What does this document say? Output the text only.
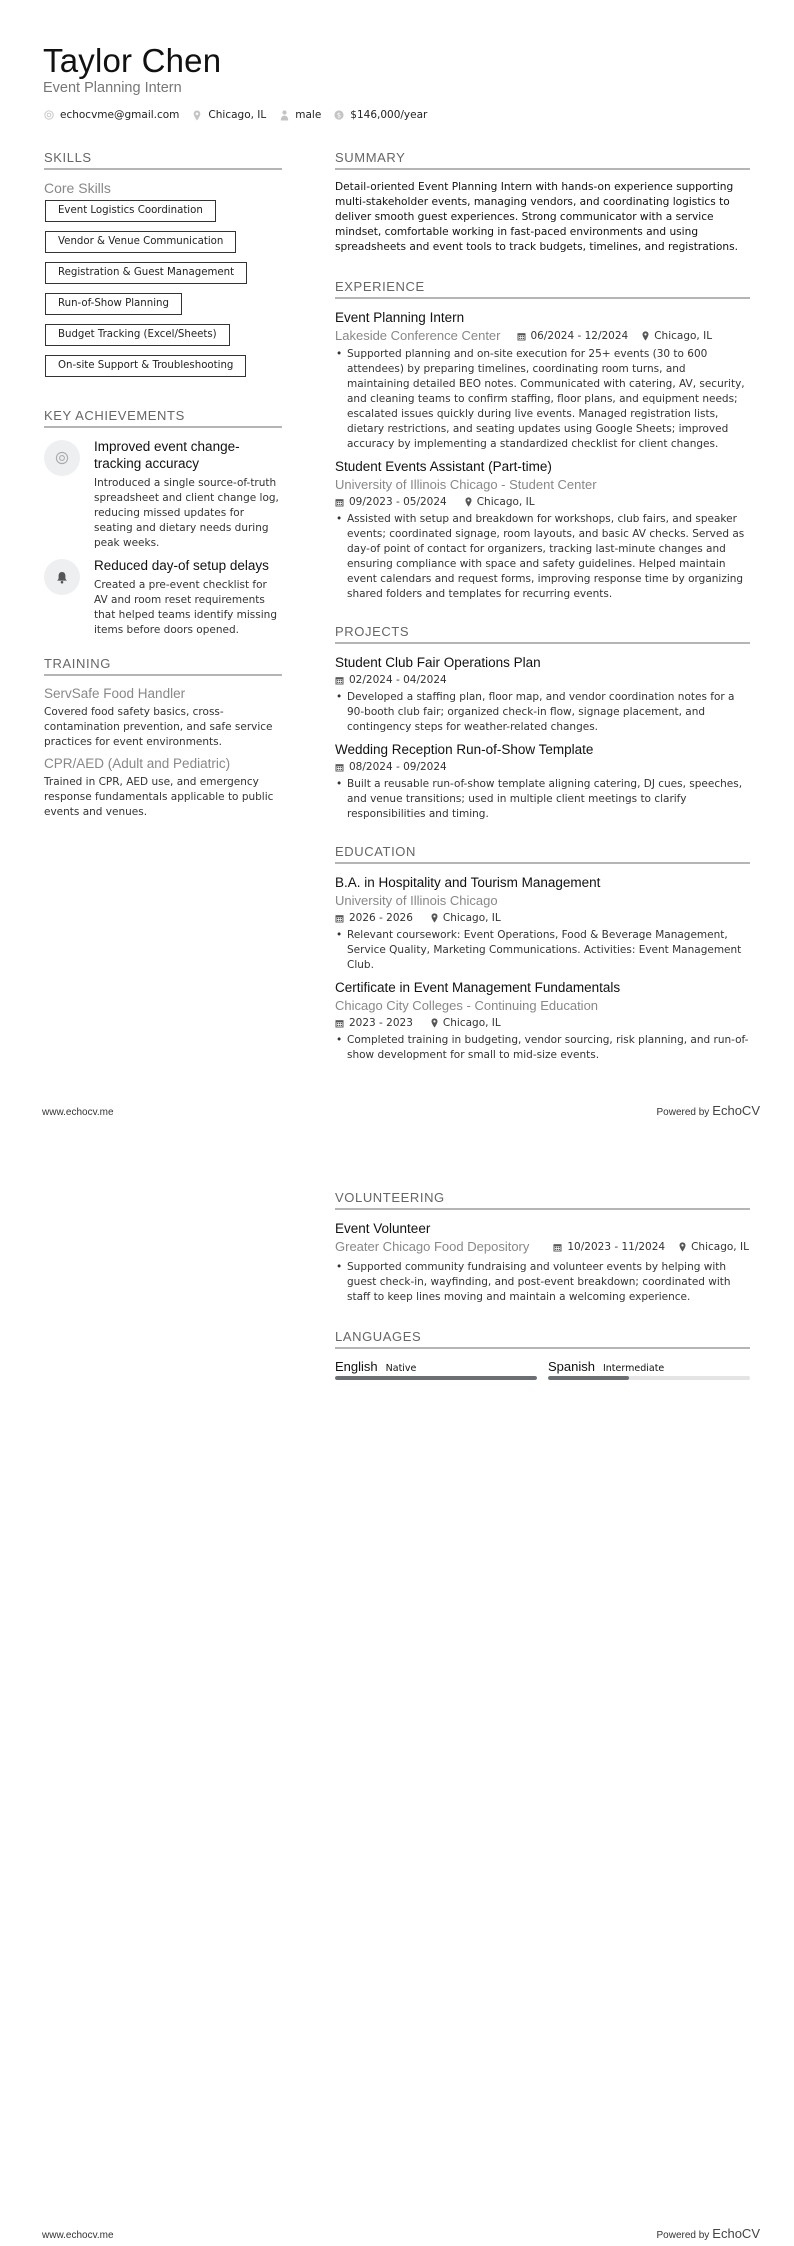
Taylor Chen
Event Planning Intern
echocvme@gmail.com	Chicago, IL	male $ $146,000/year
SKILLS
Core Skills
Event Logistics Coordination
Vendor & Venue Communication
Registration & Guest Management
Run-of-Show Planning
Budget Tracking (Excel/Sheets)
On-site Support & Troubleshooting
KEY ACHIEVEMENTS
Improved event change-tracking accuracy
Introduced a single source-of-truth spreadsheet and client change log, reducing missed updates for seating and dietary needs during peak weeks.
Reduced day-of setup delays
Created a pre-event checklist for AV and room reset requirements that helped teams identify missing items before doors opened.
TRAINING
ServSafe Food Handler
Covered food safety basics, cross-contamination prevention, and safe service practices for event environments.
CPR/AED (Adult and Pediatric)
Trained in CPR, AED use, and emergency response fundamentals applicable to public events and venues.
SUMMARY
Detail-oriented Event Planning Intern with hands-on experience supporting multi-stakeholder events, managing vendors, and coordinating logistics to deliver smooth guest experiences. Strong communicator with a service mindset, comfortable working in fast-paced environments and using spreadsheets and event tools to track budgets, timelines, and registrations.
EXPERIENCE
Event Planning Intern
Lakeside Conference Center	06/2024 - 12/2024 Chicago, IL
• Supported planning and on-site execution for 25+ events (30 to 600 attendees) by preparing timelines, coordinating room turns, and maintaining detailed BEO notes. Communicated with catering, AV, security, and cleaning teams to confirm staffing, floor plans, and equipment needs; escalated issues quickly during live events. Managed registration lists, dietary restrictions, and seating updates using Google Sheets; improved accuracy by implementing a standardized checklist for client changes.
Student Events Assistant (Part-time)
University of Illinois Chicago - Student Center
09/2023 - 05/2024	Chicago, IL
• Assisted with setup and breakdown for workshops, club fairs, and speaker events; coordinated signage, room layouts, and basic AV checks. Served as day-of point of contact for organizers, tracking last-minute changes and ensuring compliance with space and safety guidelines. Helped maintain event calendars and request forms, improving response time by organizing shared folders and templates for recurring events.
PROJECTS
Student Club Fair Operations Plan
02/2024 - 04/2024
• Developed a staffing plan, floor map, and vendor coordination notes for a 90-booth club fair; organized check-in flow, signage placement, and contingency steps for weather-related changes.
Wedding Reception Run-of-Show Template
08/2024 - 09/2024
• Built a reusable run-of-show template aligning catering, DJ cues, speeches, and venue transitions; used in multiple client meetings to clarify responsibilities and timing.
EDUCATION
B.A. in Hospitality and Tourism Management
University of Illinois Chicago
2026 - 2026	Chicago, IL
• Relevant coursework: Event Operations, Food & Beverage Management, Service Quality, Marketing Communications. Activities: Event Management Club.
Certificate in Event Management Fundamentals
Chicago City Colleges - Continuing Education
2023 - 2023	Chicago, IL
• Completed training in budgeting, vendor sourcing, risk planning, and run-of-show development for small to mid-size events.
www.echocv.me	Powered by EchoCV
VOLUNTEERING
Event Volunteer
Greater Chicago Food Depository	10/2023 - 11/2024 Chicago, IL
• Supported community fundraising and volunteer events by helping with guest check-in, wayfinding, and post-event breakdown; coordinated with staff to keep lines moving and maintain a welcoming experience.
LANGUAGES
English Native	Spanish Intermediate
www.echocv.me	Powered by EchoCV
